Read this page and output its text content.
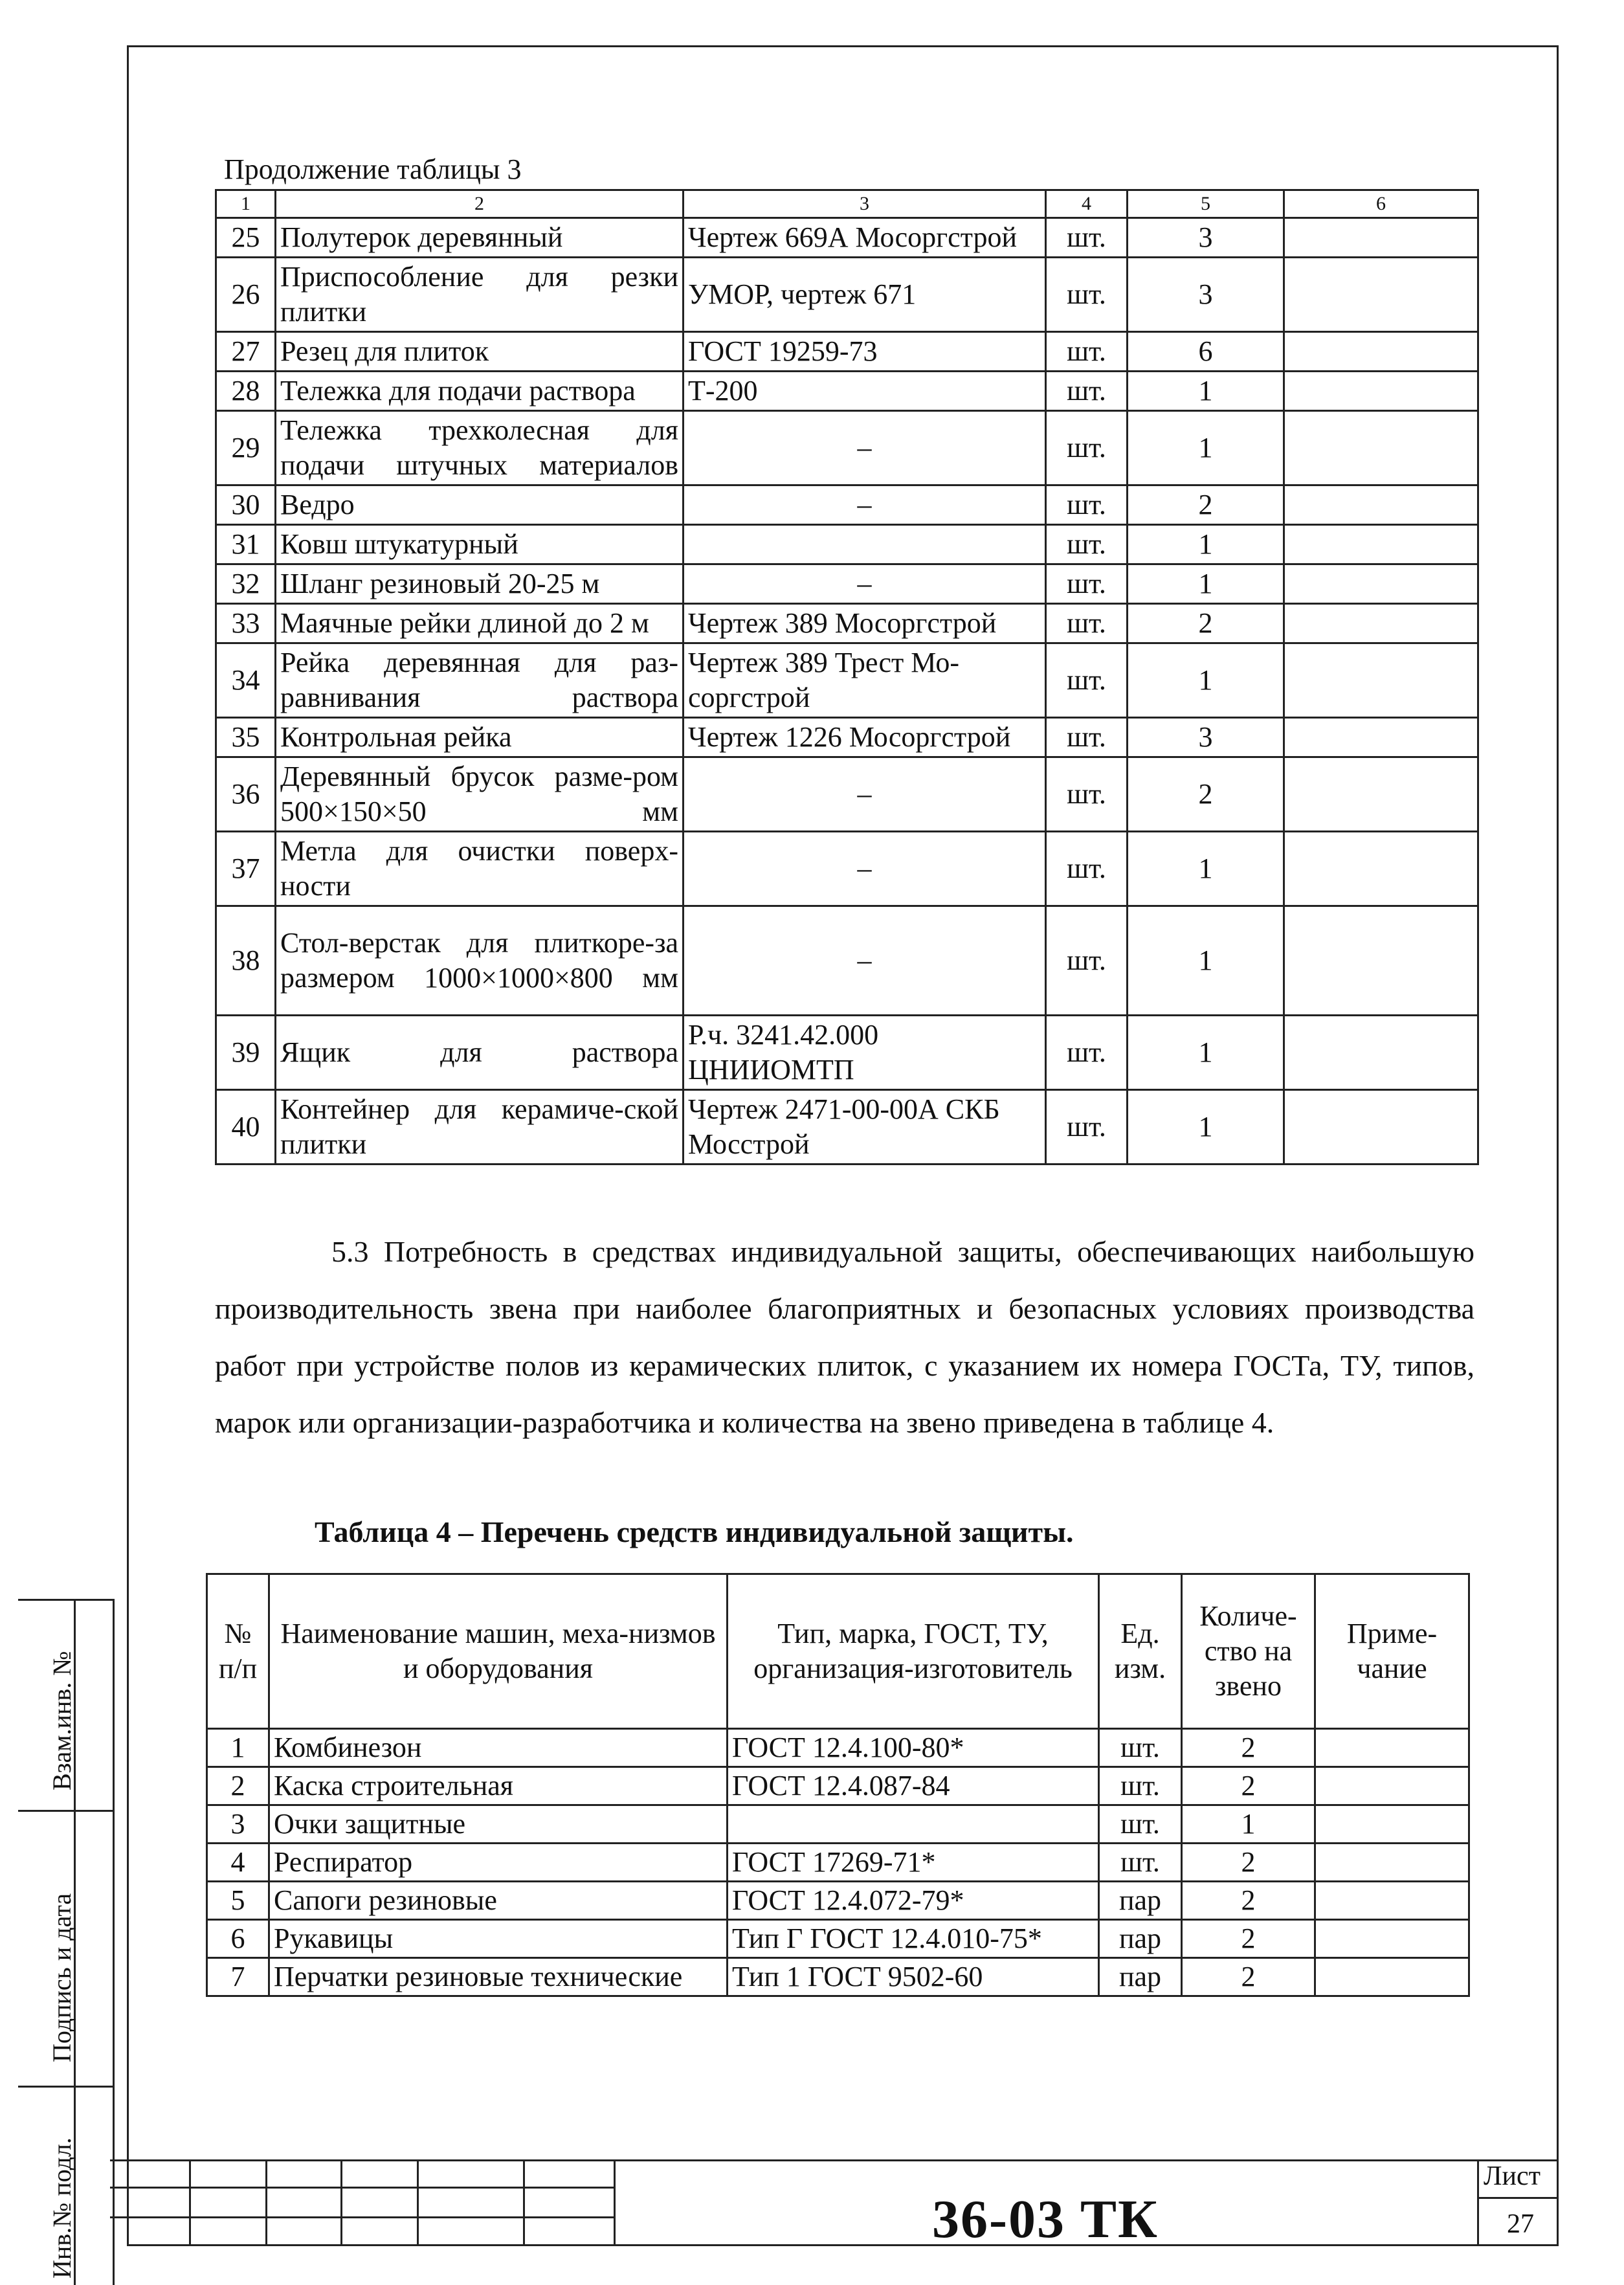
Взам.инв. №
Подпись и дата
Инв.№ подл.
Продолжение таблицы 3
1	2	3	4	5	6
25	Полутерок деревянный	Чертеж 669А Мосоргстрой	шт.	3	
26	Приспособление для резки плитки	УМОР, чертеж 671	шт.	3	
27	Резец для плиток	ГОСТ 19259-73	шт.	6	
28	Тележка для подачи раствора	Т-200	шт.	1	
29	Тележка трехколесная для подачи штучных материалов	–	шт.	1	
30	Ведро	–	шт.	2	
31	Ковш штукатурный		шт.	1	
32	Шланг резиновый 20-25 м	–	шт.	1	
33	Маячные рейки длиной до 2 м	Чертеж 389 Мосоргстрой	шт.	2	
34	Рейка деревянная для раз-равнивания раствора	Чертеж 389 Трест Мо-соргстрой	шт.	1	
35	Контрольная рейка	Чертеж 1226 Мосоргстрой	шт.	3	
36	Деревянный брусок разме-ром 500×150×50 мм	–	шт.	2	
37	Метла для очистки поверх-ности	–	шт.	1	
38	Стол-верстак для плиткоре-за размером 1000×1000×800 мм	–	шт.	1	
39	Ящик для раствора	Р.ч. 3241.42.000 ЦНИИОМТП	шт.	1	
40	Контейнер для керамиче-ской плитки	Чертеж 2471-00-00А СКБ Мосстрой	шт.	1	
5.3 Потребность в средствах индивидуальной защиты, обеспечивающих наибольшую производительность звена при наиболее благоприятных и безопасных условиях производства работ при устройстве полов из керамических плиток, с указанием их номера ГОСТа, ТУ, типов, марок или организации-разработчика и количества на звено приведена в таблице 4.
Таблица 4 – Перечень средств индивидуальной защиты.
№ п/п	Наименование машин, меха-низмов и оборудования	Тип, марка, ГОСТ, ТУ, организация-изготовитель	Ед. изм.	Количе-ство на звено	Приме-чание
1	Комбинезон	ГОСТ 12.4.100-80*	шт.	2	
2	Каска строительная	ГОСТ 12.4.087-84	шт.	2	
3	Очки защитные		шт.	1	
4	Респиратор	ГОСТ 17269-71*	шт.	2	
5	Сапоги резиновые	ГОСТ 12.4.072-79*	пар	2	
6	Рукавицы	Тип Г ГОСТ 12.4.010-75*	пар	2	
7	Перчатки резиновые технические	Тип 1 ГОСТ 9502-60	пар	2	
36-03 ТК
Лист
27
